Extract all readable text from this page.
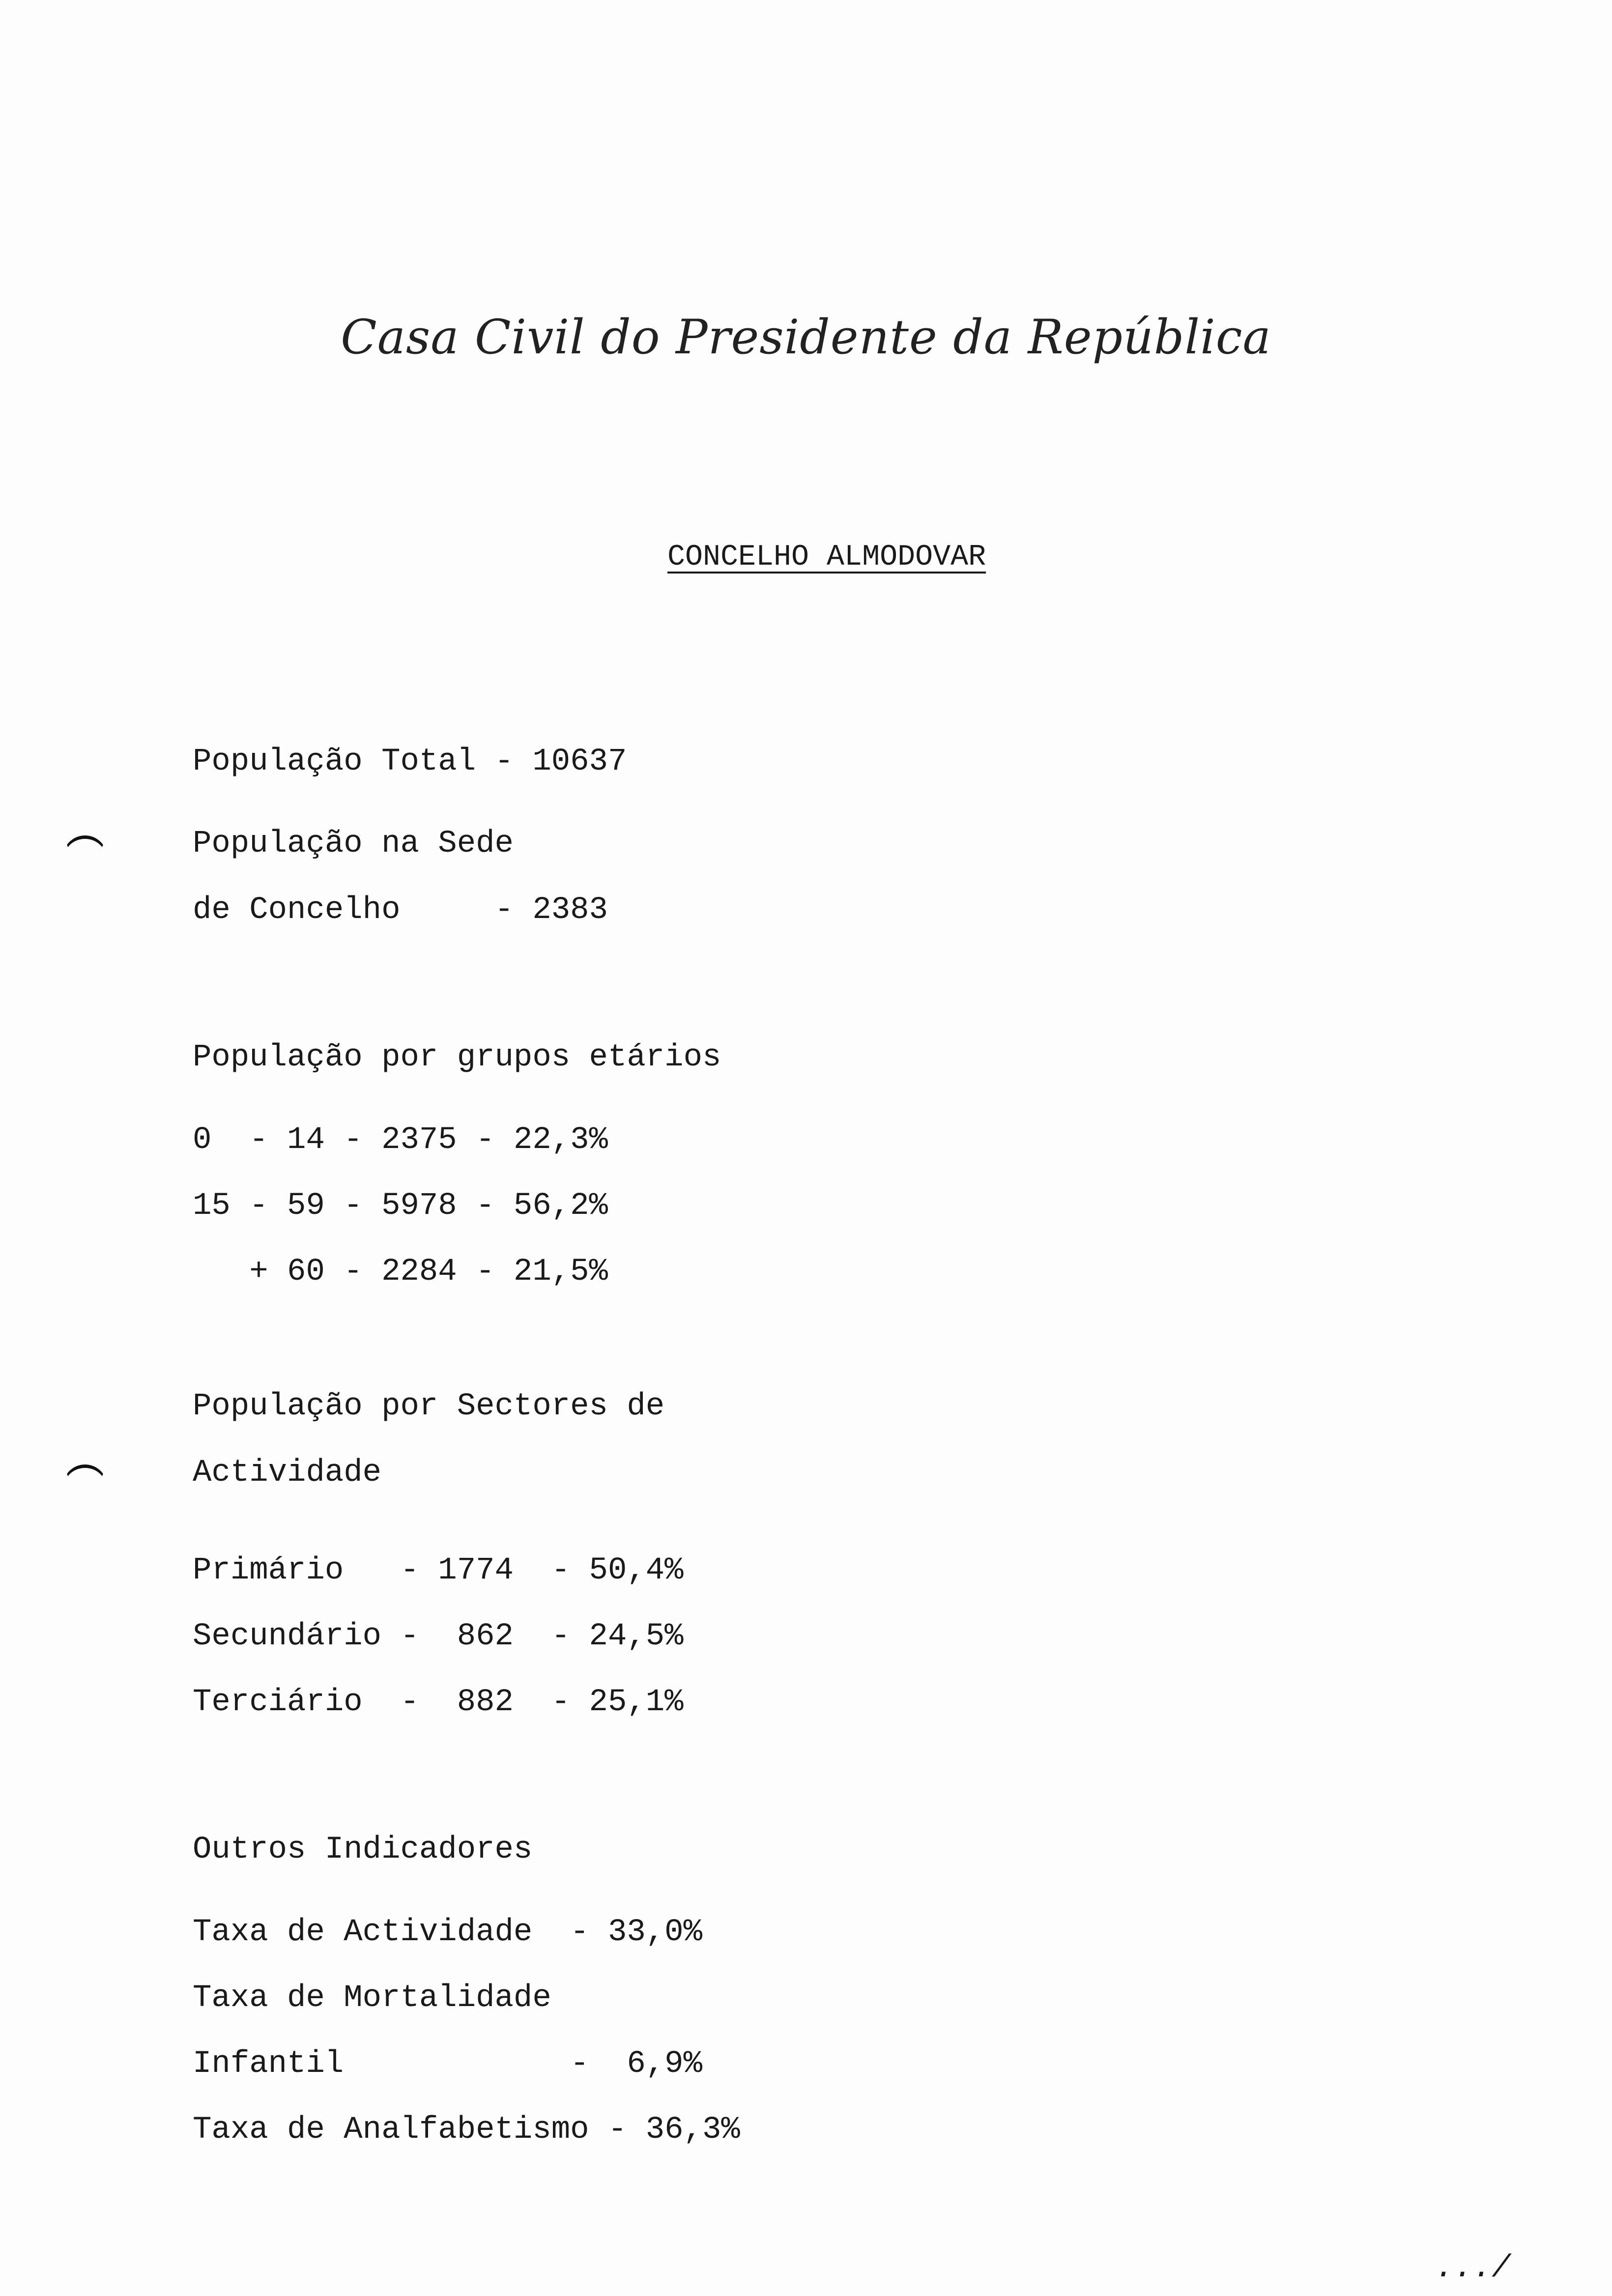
Casa Civil do Presidente da República
CONCELHO ALMODOVAR
População Total - 10637
População na Sede
de Concelho     - 2383
População por grupos etários
0  - 14 - 2375 - 22,3%
15 - 59 - 5978 - 56,2%
+ 60 - 2284 - 21,5%
População por Sectores de
Actividade
Primário   - 1774  - 50,4%
Secundário -  862  - 24,5%
Terciário  -  882  - 25,1%
Outros Indicadores
Taxa de Actividade  - 33,0%
Taxa de Mortalidade
Infantil            -  6,9%
Taxa de Analfabetismo - 36,3%
.../
